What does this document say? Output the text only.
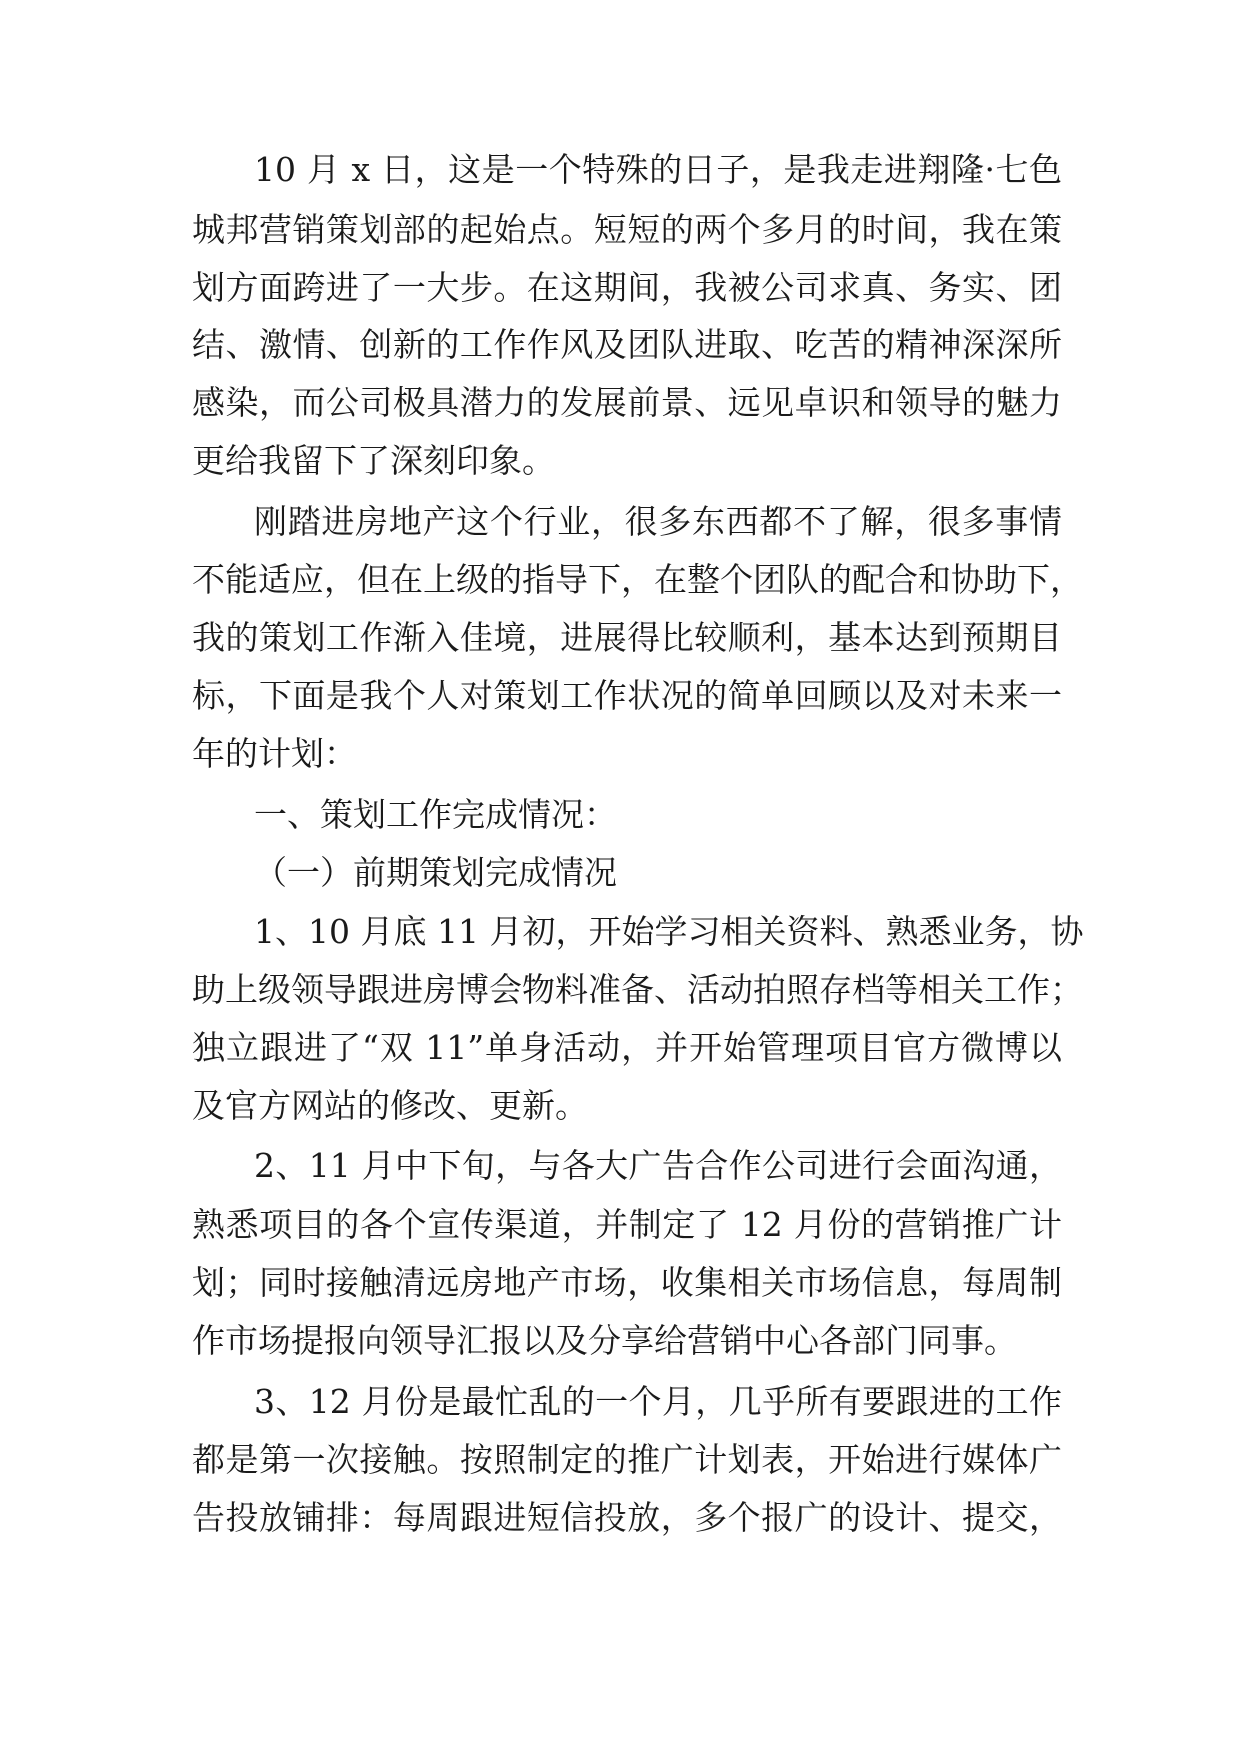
10 月 x 日，这是一个特殊的日子，是我走进翔隆·七色
城邦营销策划部的起始点。短短的两个多月的时间，我在策
划方面跨进了一大步。在这期间，我被公司求真、务实、团
结、激情、创新的工作作风及团队进取、吃苦的精神深深所
感染，而公司极具潜力的发展前景、远见卓识和领导的魅力
更给我留下了深刻印象。
刚踏进房地产这个行业，很多东西都不了解，很多事情
不能适应，但在上级的指导下，在整个团队的配合和协助下，
我的策划工作渐入佳境，进展得比较顺利，基本达到预期目
标，下面是我个人对策划工作状况的简单回顾以及对未来一
年的计划：
一、策划工作完成情况：
（一）前期策划完成情况
1、10 月底 11 月初，开始学习相关资料、熟悉业务，协
助上级领导跟进房博会物料准备、活动拍照存档等相关工作；
独立跟进了“双 11”单身活动，并开始管理项目官方微博以
及官方网站的修改、更新。
2、11 月中下旬，与各大广告合作公司进行会面沟通，
熟悉项目的各个宣传渠道，并制定了 12 月份的营销推广计
划；同时接触清远房地产市场，收集相关市场信息，每周制
作市场提报向领导汇报以及分享给营销中心各部门同事。
3、12 月份是最忙乱的一个月，几乎所有要跟进的工作
都是第一次接触。按照制定的推广计划表，开始进行媒体广
告投放铺排：每周跟进短信投放，多个报广的设计、提交，
